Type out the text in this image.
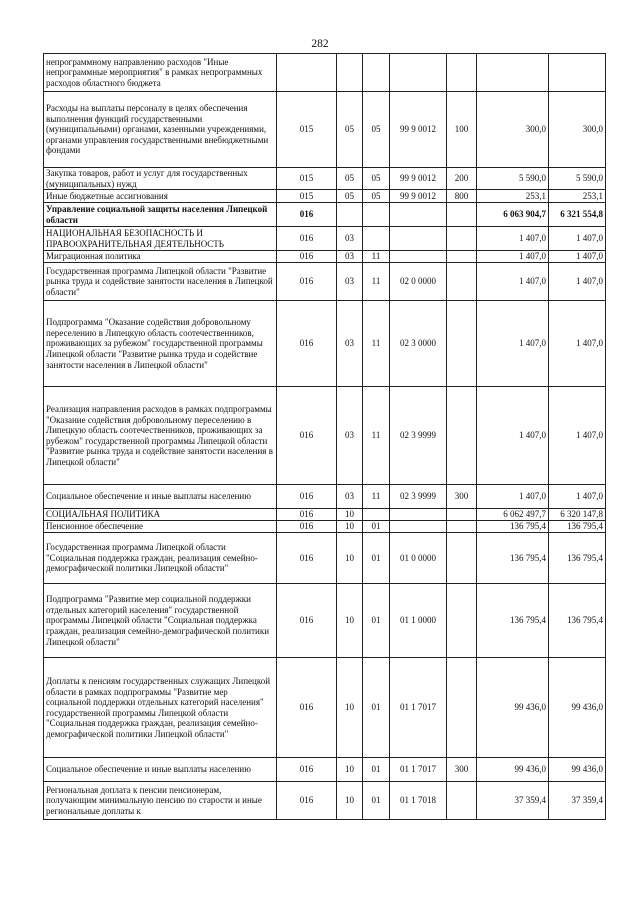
282
непрограммному направлению расходов "Иные непрограммные мероприятия" в рамках непрограммных расходов областного бюджета							
Расходы на выплаты персоналу в целях обеспечения выполнения функций государственными (муниципальными) органами, казенными учреждениями, органами управления государственными внебюджетными фондами	015	05	05	99 9 0012	100	300,0	300,0
Закупка товаров, работ и услуг для государственных (муниципальных) нужд	015	05	05	99 9 0012	200	5 590,0	5 590,0
Иные бюджетные ассигнования	015	05	05	99 9 0012	800	253,1	253,1
Управление социальной защиты населения Липецкой области	016					6 063 904,7	6 321 554,8
НАЦИОНАЛЬНАЯ БЕЗОПАСНОСТЬ И ПРАВООХРАНИТЕЛЬНАЯ ДЕЯТЕЛЬНОСТЬ	016	03				1 407,0	1 407,0
Миграционная политика	016	03	11			1 407,0	1 407,0
Государственная программа Липецкой области "Развитие рынка труда и содействие занятости населения в Липецкой области"	016	03	11	02 0 0000		1 407,0	1 407,0
Подпрограмма "Оказание содействия добровольному переселению в Липецкую область соотечественников, проживающих за рубежом" государственной программы Липецкой области "Развитие рынка труда и содействие занятости населения в Липецкой области"	016	03	11	02 3 0000		1 407,0	1 407,0
Реализация направления расходов в рамках подпрограммы "Оказание содействия добровольному переселению в Липецкую область соотечественников, проживающих за рубежом" государственной программы Липецкой области "Развитие рынка труда и содействие занятости населения в Липецкой области"	016	03	11	02 3 9999		1 407,0	1 407,0
Социальное обеспечение и иные выплаты населению	016	03	11	02 3 9999	300	1 407,0	1 407,0
СОЦИАЛЬНАЯ ПОЛИТИКА	016	10				6 062 497,7	6 320 147,8
Пенсионное обеспечение	016	10	01			136 795,4	136 795,4
Государственная программа Липецкой области "Социальная поддержка граждан, реализация семейно-демографической политики Липецкой области"	016	10	01	01 0 0000		136 795,4	136 795,4
Подпрограмма "Развитие мер социальной поддержки отдельных категорий населения" государственной программы Липецкой области "Социальная поддержка граждан, реализация семейно-демографической политики Липецкой области"	016	10	01	01 1 0000		136 795,4	136 795,4
Доплаты к пенсиям государственных служащих Липецкой области в рамках подпрограммы "Развитие мер социальной поддержки отдельных категорий населения" государственной программы Липецкой области "Социальная поддержка граждан, реализация семейно-демографической политики Липецкой области"	016	10	01	01 1 7017		99 436,0	99 436,0
Социальное обеспечение и иные выплаты населению	016	10	01	01 1 7017	300	99 436,0	99 436,0
Региональная доплата к пенсии пенсионерам, получающим минимальную пенсию по старости и иные региональные доплаты к	016	10	01	01 1 7018		37 359,4	37 359,4
